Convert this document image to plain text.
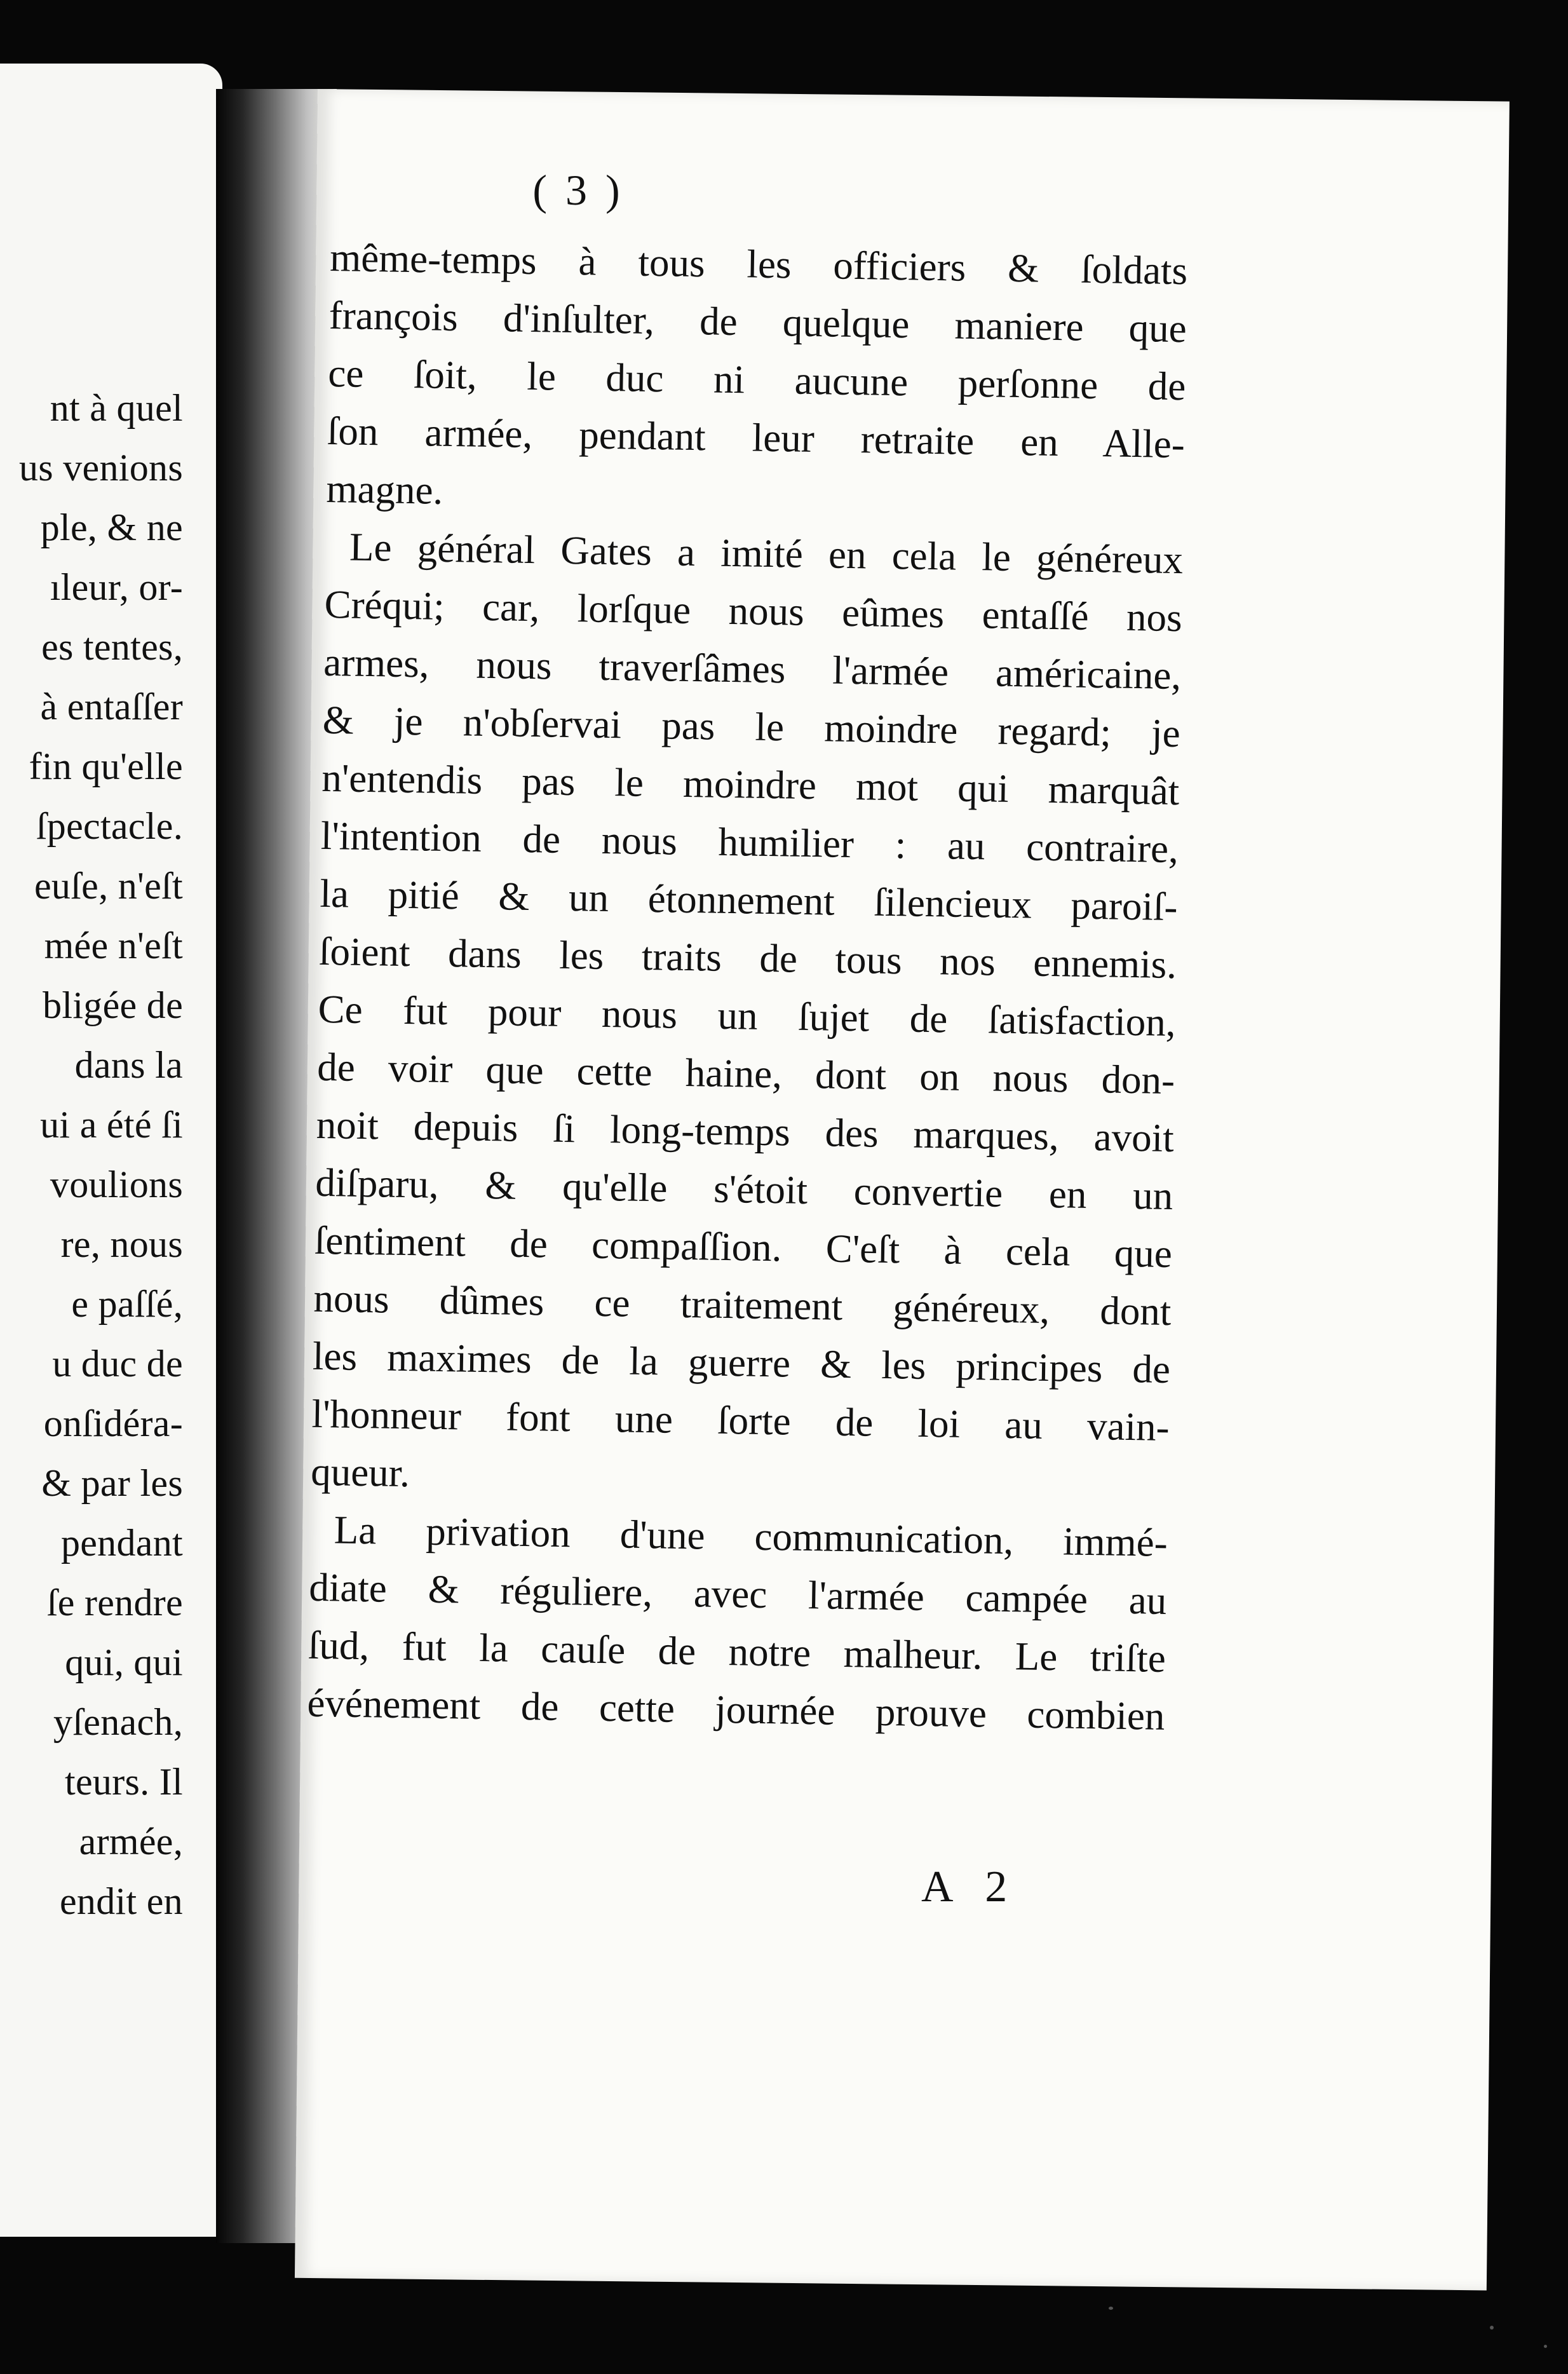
nt à quel
us venions
ple, & ne
ıleur, or-
es tentes,
à entaſſer
fin qu'elle
ſpectacle.
euſe, n'eſt
mée n'eſt
bligée de
dans la
ui a été ſi
voulions
re, nous
e paſſé,
u duc de
onſidéra-
& par les
pendant
ſe rendre
qui, qui
yſenach,
teurs. Il
armée,
endit en
( 3 )

même-temps à tous les officiers & ſoldats
françois d'inſulter, de quelque maniere que
ce ſoit, le duc ni aucune perſonne de
ſon armée, pendant leur retraite en Alle-
magne.

Le général Gates a imité en cela le généreux
Créqui; car, lorſque nous eûmes entaſſé nos
armes, nous traverſâmes l'armée américaine,
& je n'obſervai pas le moindre regard; je
n'entendis pas le moindre mot qui marquât
l'intention de nous humilier : au contraire,
la pitié & un étonnement ſilencieux paroiſ-
ſoient dans les traits de tous nos ennemis.
Ce fut pour nous un ſujet de ſatisfaction,
de voir que cette haine, dont on nous don-
noit depuis ſi long-temps des marques, avoit
diſparu, & qu'elle s'étoit convertie en un
ſentiment de compaſſion. C'eſt à cela que
nous dûmes ce traitement généreux, dont
les maximes de la guerre & les principes de
l'honneur font une ſorte de loi au vain-
queur.

La privation d'une communication, immé-
diate & réguliere, avec l'armée campée au
ſud, fut la cauſe de notre malheur. Le triſte
événement de cette journée prouve combien

A 2
